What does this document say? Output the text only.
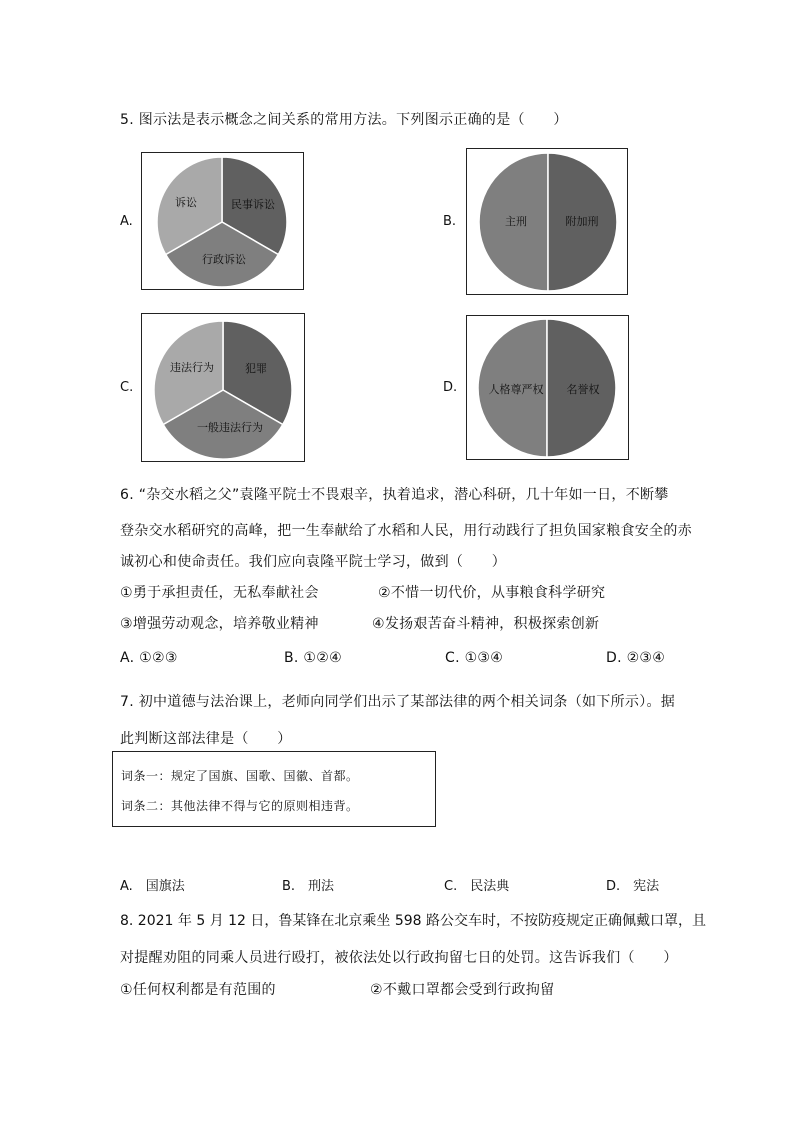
5. 图示法是表示概念之间关系的常用方法。下列图示正确的是（　　）
A.
诉讼	民事诉讼
行政诉讼
B.	主刑	附加刑
C.
违法行为	犯罪
一般违法行为
D.	人格尊严权 名誉权
6. “杂交水稻之父”袁隆平院士不畏艰辛，执着追求，潜心科研，几十年如一日，不断攀
登杂交水稻研究的高峰，把一生奉献给了水稻和人民，用行动践行了担负国家粮食安全的赤
诚初心和使命责任。我们应向袁隆平院士学习，做到（　　）
①勇于承担责任，无私奉献社会	②不惜一切代价，从事粮食科学研究
③增强劳动观念，培养敬业精神	④发扬艰苦奋斗精神，积极探索创新
A. ①②③	B. ①②④	C. ①③④	D. ②③④
7. 初中道德与法治课上，老师向同学们出示了某部法律的两个相关词条（如下所示）。据
此判断这部法律是（　　）
词条一：规定了国旗、国歌、国徽、首都。
词条二：其他法律不得与它的原则相违背。
A.　国旗法	B.　刑法	C.　民法典	D.　宪法
8. 2021 年 5 月 12 日，鲁某锋在北京乘坐 598 路公交车时，不按防疫规定正确佩戴口罩，且
对提醒劝阻的同乘人员进行殴打，被依法处以行政拘留七日的处罚。这告诉我们（　　）
①任何权利都是有范围的	②不戴口罩都会受到行政拘留
